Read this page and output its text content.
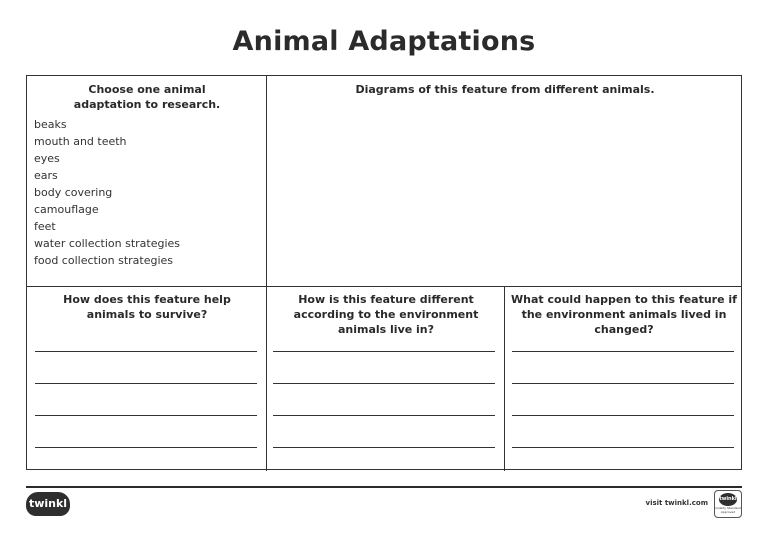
Animal Adaptations
Choose one animal adaptation to research.
beaks
mouth and teeth
eyes
ears
body covering
camouflage
feet
water collection strategies
food collection strategies
Diagrams of this feature from different animals.
How does this feature help animals to survive?
How is this feature different according to the environment animals live in?
What could happen to this feature if the environment animals lived in changed?
twinkl	visit twinkl.com twinkl
Quality Standard Approved
